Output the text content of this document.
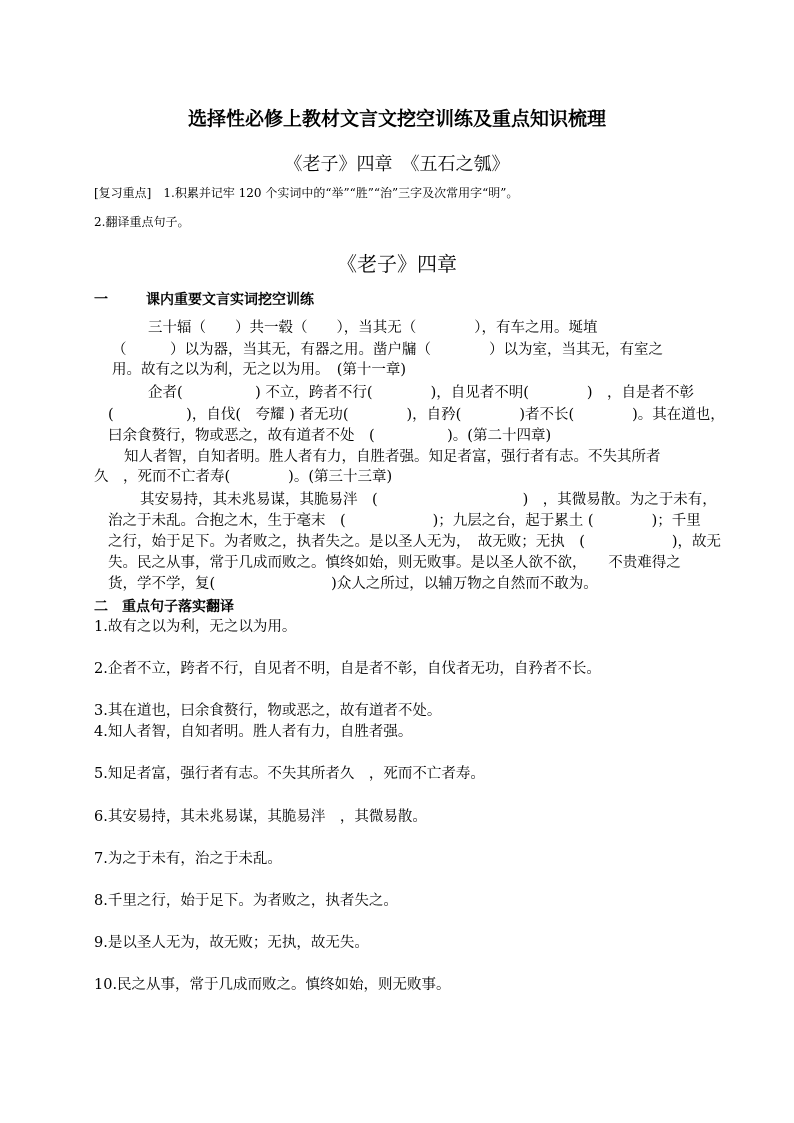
选择性必修上教材文言文挖空训练及重点知识梳理
《老子》四章　《五石之瓠》
[复习重点]　1.积累并记牢 120 个实词中的“举”“胜”“治”三字及次常用字“明”。
2.翻译重点句子。
《老子》四章
一	课内重要文言实词挖空训练
三十辐（　　）共一毂（　　），当其无（　　　　），有车之用。埏埴
（　　　）以为器，当其无，有器之用。凿户牖（　　　　）以为室，当其无，有室之
用。故有之以为利，无之以为用。　(第十一章)
企者(　　　　　) 不立，跨者不行(　　　　)，自见者不明(　　　　)　，自是者不彰
(　　　　　)，自伐(　夸耀 ) 者无功(　　　　)，自矜(　　　　)者不长(　　　　)。其在道也，
曰余食赘行，物或恶之，故有道者不处　(　　　　　)。(第二十四章)
知人者智，自知者明。胜人者有力，自胜者强。知足者富，强行者有志。不失其所者
久　，死而不亡者寿(　　　　)。(第三十三章)
其安易持，其未兆易谋，其脆易泮　(　　　　　　　　　　)　，其微易散。为之于未有，
治之于未乱。合抱之木，生于毫末　(　　　　　　)；九层之台，起于累土 (　　　　)；千里
之行，始于足下。为者败之，执者失之。是以圣人无为，　故无败；无执　(　　　　　　)，故无
失。民之从事，常于几成而败之。慎终如始，则无败事。是以圣人欲不欲，　　不贵难得之
货，学不学，复(　　　　　　　　)众人之所过，以辅万物之自然而不敢为。
二　重点句子落实翻译
1.故有之以为利，无之以为用。
2.企者不立，跨者不行，自见者不明，自是者不彰，自伐者无功，自矜者不长。
3.其在道也，曰余食赘行，物或恶之，故有道者不处。
4.知人者智，自知者明。胜人者有力，自胜者强。
5.知足者富，强行者有志。不失其所者久　，死而不亡者寿。
6.其安易持，其未兆易谋，其脆易泮　，其微易散。
7.为之于未有，治之于未乱。
8.千里之行，始于足下。为者败之，执者失之。
9.是以圣人无为，故无败；无执，故无失。
10.民之从事，常于几成而败之。慎终如始，则无败事。
